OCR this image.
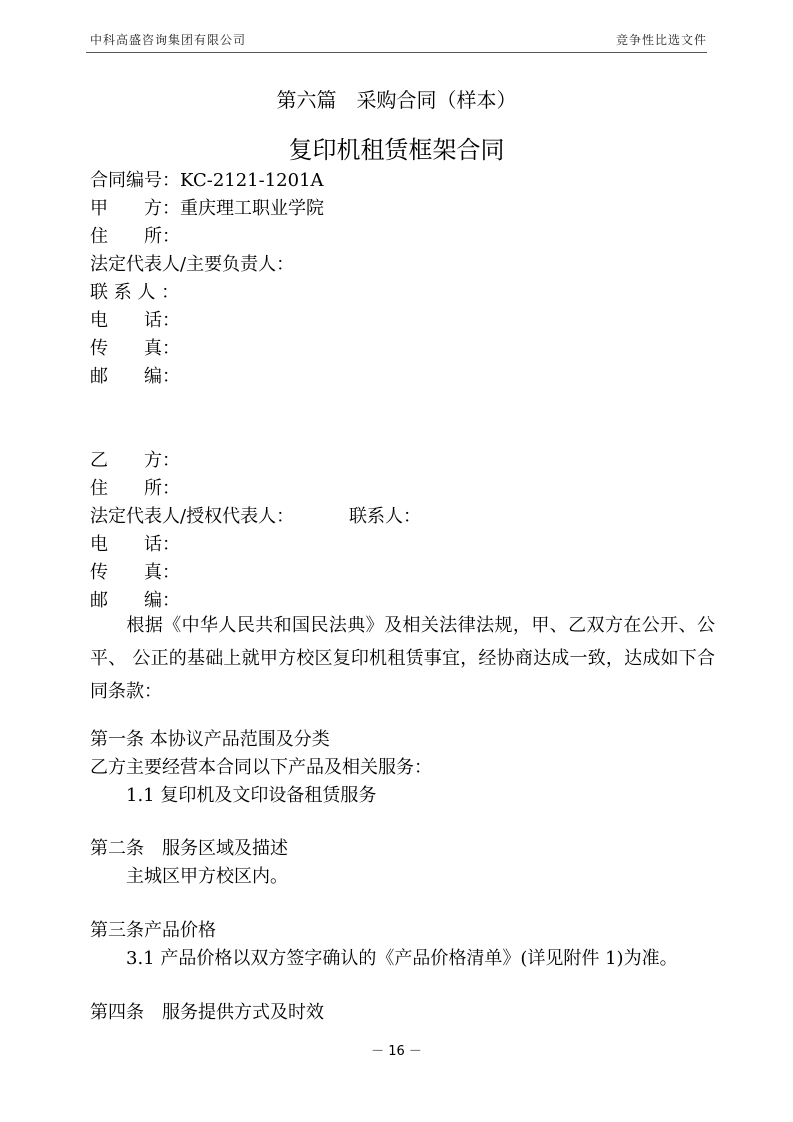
中科高盛咨询集团有限公司	竞争性比选文件
第六篇　采购合同（样本）
复印机租赁框架合同
合同编号：KC-2121-1201A
甲　　方：重庆理工职业学院
住　　所：
法定代表人/主要负责人：
联 系 人 ：
电　　话：
传　　真：
邮　　编：
乙　　方：
住　　所：
法定代表人/授权代表人：	联系人：
电　　话：
传　　真：
邮　　编：
根据《中华人民共和国民法典》及相关法律法规，甲、乙双方在公开、公平、 公正的基础上就甲方校区复印机租赁事宜，经协商达成一致，达成如下合同条款：
第一条 本协议产品范围及分类
乙方主要经营本合同以下产品及相关服务：
1.1 复印机及文印设备租赁服务
第二条　服务区域及描述
主城区甲方校区内。
第三条产品价格
3.1 产品价格以双方签字确认的《产品价格清单》(详见附件 1)为准。
第四条　服务提供方式及时效
－ 16 －
